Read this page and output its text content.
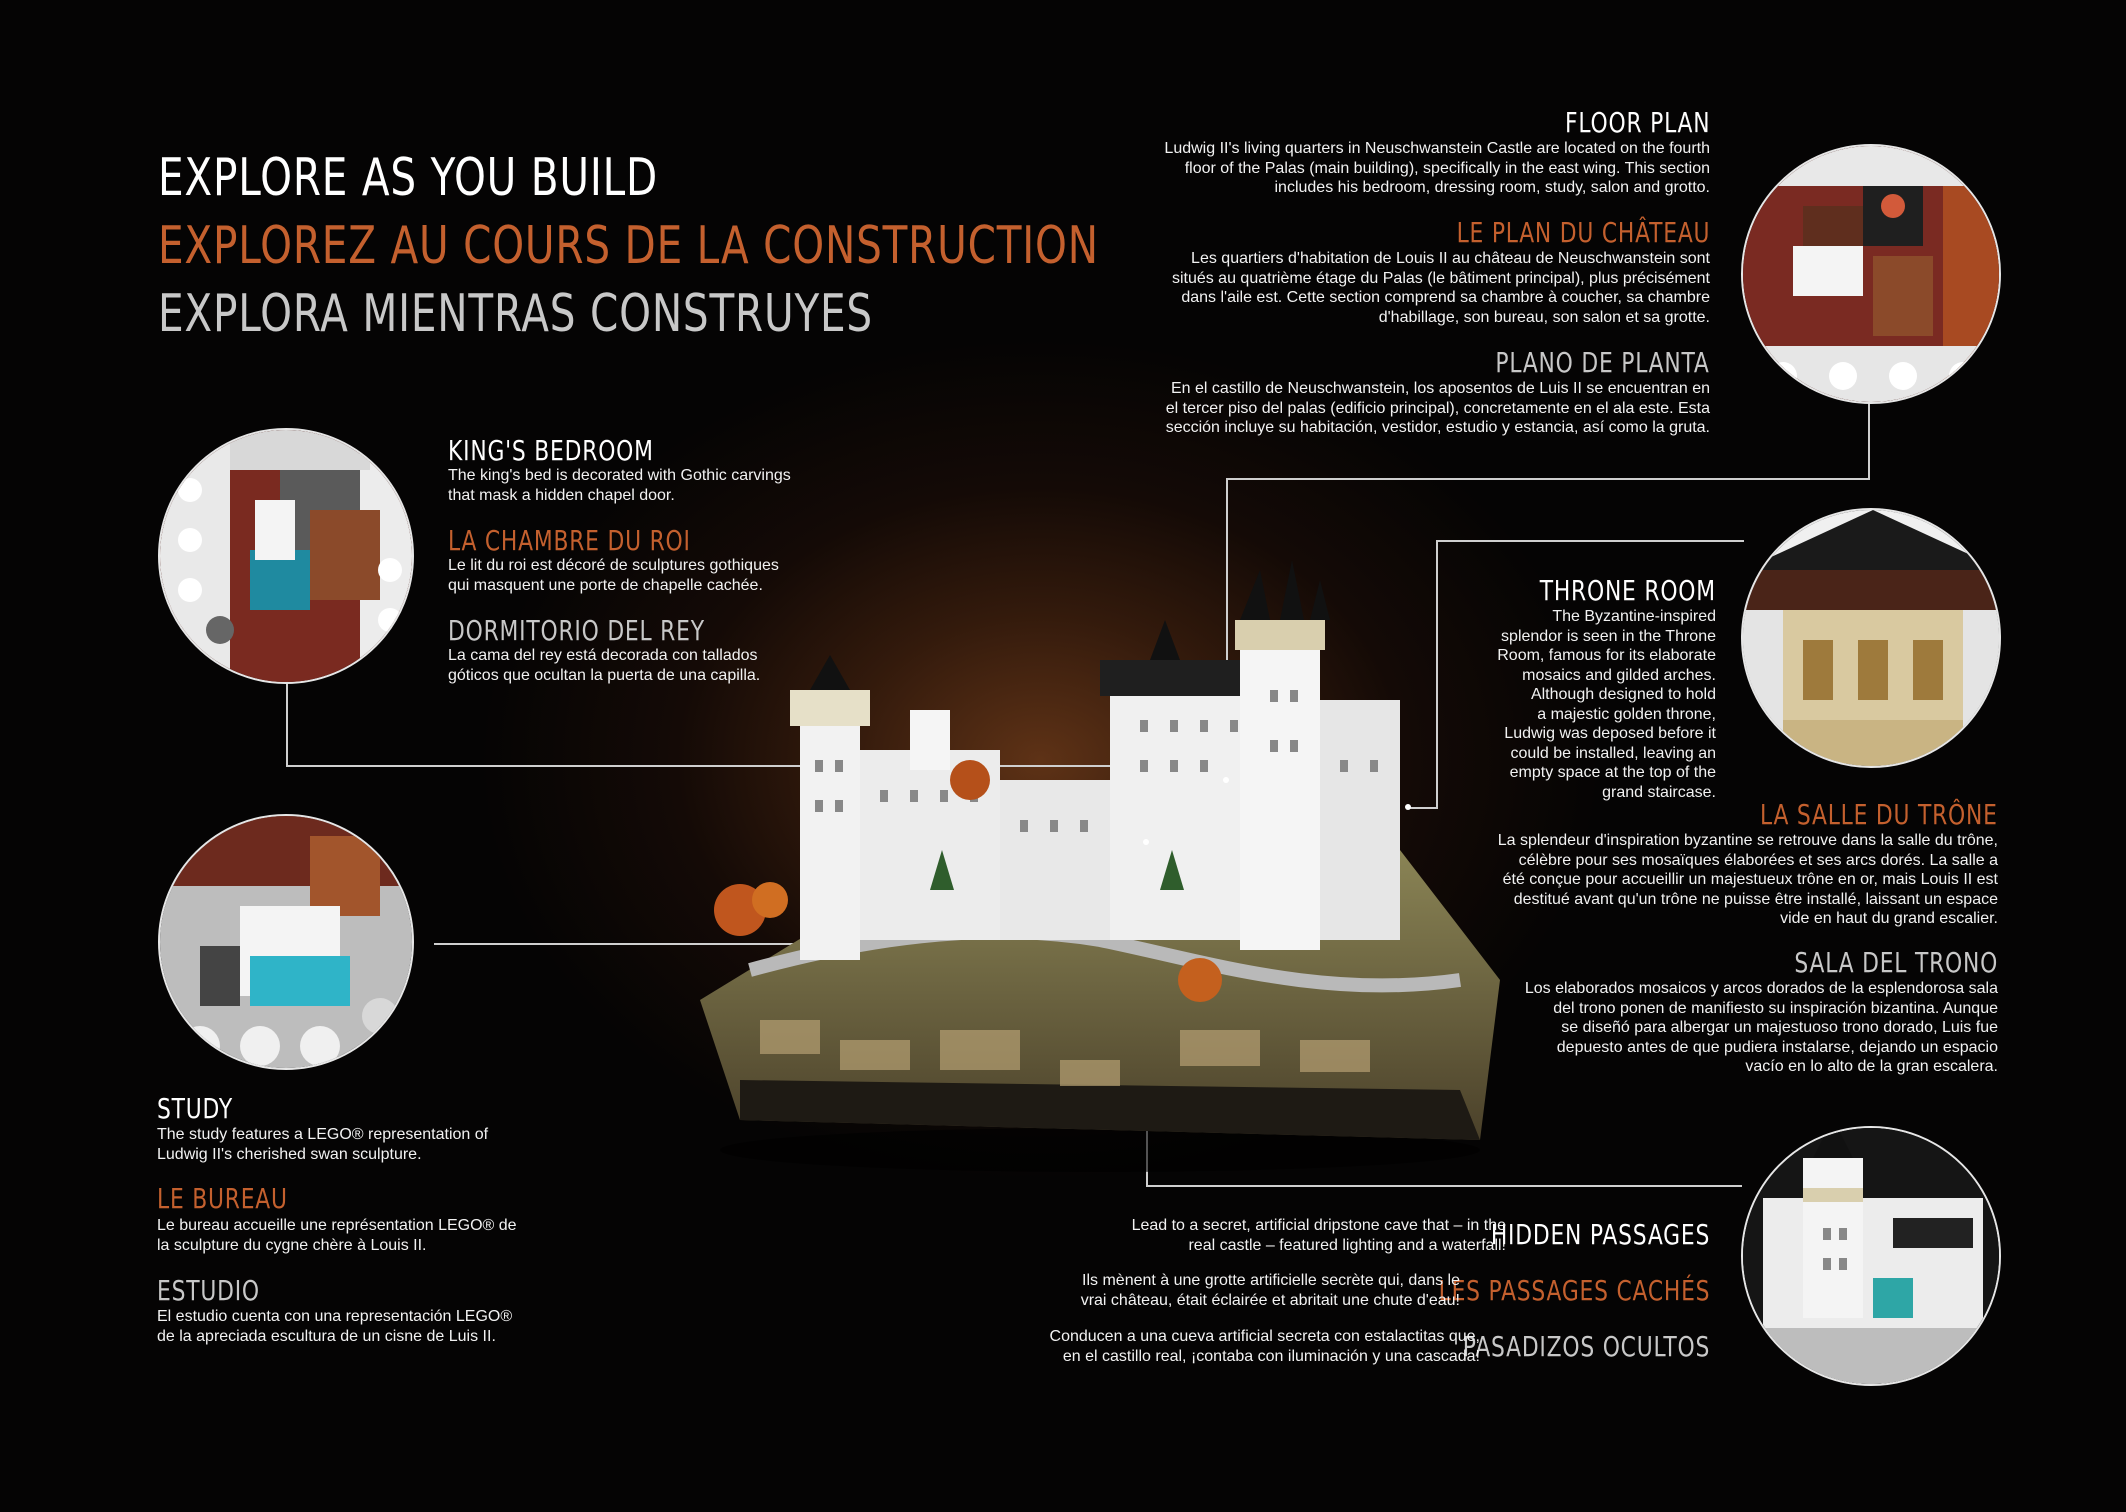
EXPLORE AS YOU BUILD
EXPLOREZ AU COURS DE LA CONSTRUCTION
EXPLORA MIENTRAS CONSTRUYES
KING'S BEDROOM
The king's bed is decorated with Gothic carvings
that mask a hidden chapel door.
LA CHAMBRE DU ROI
Le lit du roi est décoré de sculptures gothiques
qui masquent une porte de chapelle cachée.
DORMITORIO DEL REY
La cama del rey está decorada con tallados
góticos que ocultan la puerta de una capilla.
STUDY
The study features a LEGO® representation of
Ludwig II's cherished swan sculpture.
LE BUREAU
Le bureau accueille une représentation LEGO® de
la sculpture du cygne chère à Louis II.
ESTUDIO
El estudio cuenta con una representación LEGO®
de la apreciada escultura de un cisne de Luis II.
FLOOR PLAN
Ludwig II's living quarters in Neuschwanstein Castle are located on the fourth
floor of the Palas (main building), specifically in the east wing. This section
includes his bedroom, dressing room, study, salon and grotto.
LE PLAN DU CHÂTEAU
Les quartiers d'habitation de Louis II au château de Neuschwanstein sont
situés au quatrième étage du Palas (le bâtiment principal), plus précisément
dans l'aile est. Cette section comprend sa chambre à coucher, sa chambre
d'habillage, son bureau, son salon et sa grotte.
PLANO DE PLANTA
En el castillo de Neuschwanstein, los aposentos de Luis II se encuentran en
el tercer piso del palas (edificio principal), concretamente en el ala este. Esta
sección incluye su habitación, vestidor, estudio y estancia, así como la gruta.
THRONE ROOM
The Byzantine-inspired
splendor is seen in the Throne
Room, famous for its elaborate
mosaics and gilded arches.
Although designed to hold
a majestic golden throne,
Ludwig was deposed before it
could be installed, leaving an
empty space at the top of the
grand staircase.
LA SALLE DU TRÔNE
La splendeur d'inspiration byzantine se retrouve dans la salle du trône,
célèbre pour ses mosaïques élaborées et ses arcs dorés. La salle a
été conçue pour accueillir un majestueux trône en or, mais Louis II est
destitué avant qu'un trône ne puisse être installé, laissant un espace
vide en haut du grand escalier.
SALA DEL TRONO
Los elaborados mosaicos y arcos dorados de la esplendorosa sala
del trono ponen de manifiesto su inspiración bizantina. Aunque
se diseñó para albergar un majestuoso trono dorado, Luis fue
depuesto antes de que pudiera instalarse, dejando un espacio
vacío en lo alto de la gran escalera.
HIDDEN PASSAGES
LES PASSAGES CACHÉS
PASADIZOS OCULTOS
Lead to a secret, artificial dripstone cave that – in the
real castle – featured lighting and a waterfall!
Ils mènent à une grotte artificielle secrète qui, dans le
vrai château, était éclairée et abritait une chute d'eau!
Conducen a una cueva artificial secreta con estalactitas que,
en el castillo real, ¡contaba con iluminación y una cascada!
